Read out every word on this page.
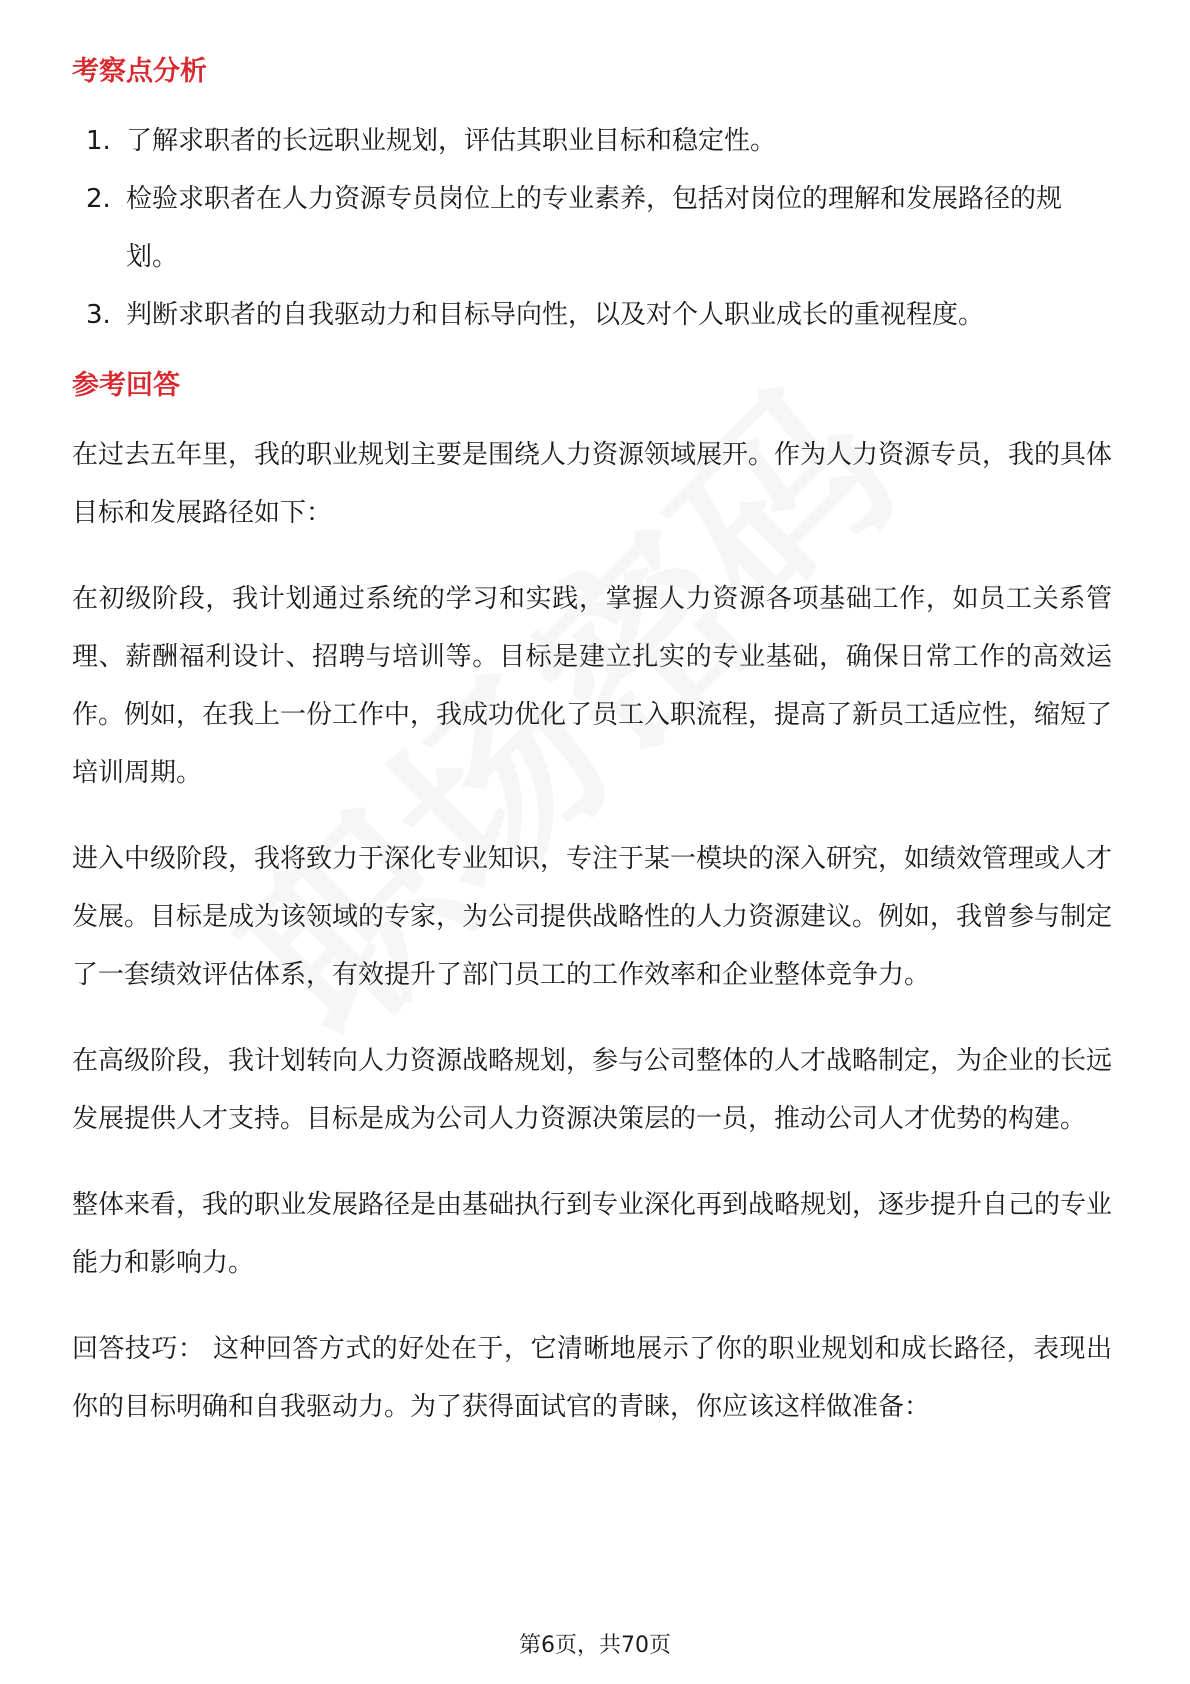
考察点分析
1. 了解求职者的长远职业规划，评估其职业目标和稳定性。
2. 检验求职者在人力资源专员岗位上的专业素养，包括对岗位的理解和发展路径的规划。
3. 判断求职者的自我驱动力和目标导向性，以及对个人职业成长的重视程度。
参考回答

在过去五年里，我的职业规划主要是围绕人力资源领域展开。作为人力资源专员，我的具体目标和发展路径如下：

在初级阶段，我计划通过系统的学习和实践，掌握人力资源各项基础工作，如员工关系管理、薪酬福利设计、招聘与培训等。目标是建立扎实的专业基础，确保日常工作的高效运作。例如，在我上一份工作中，我成功优化了员工入职流程，提高了新员工适应性，缩短了培训周期。

进入中级阶段，我将致力于深化专业知识，专注于某一模块的深入研究，如绩效管理或人才发展。目标是成为该领域的专家，为公司提供战略性的人力资源建议。例如，我曾参与制定了一套绩效评估体系，有效提升了部门员工的工作效率和企业整体竞争力。

在高级阶段，我计划转向人力资源战略规划，参与公司整体的人才战略制定，为企业的长远发展提供人才支持。目标是成为公司人力资源决策层的一员，推动公司人才优势的构建。

整体来看，我的职业发展路径是由基础执行到专业深化再到战略规划，逐步提升自己的专业能力和影响力。

回答技巧： 这种回答方式的好处在于，它清晰地展示了你的职业规划和成长路径，表现出你的目标明确和自我驱动力。为了获得面试官的青睐，你应该这样做准备：

第6页，共70页
